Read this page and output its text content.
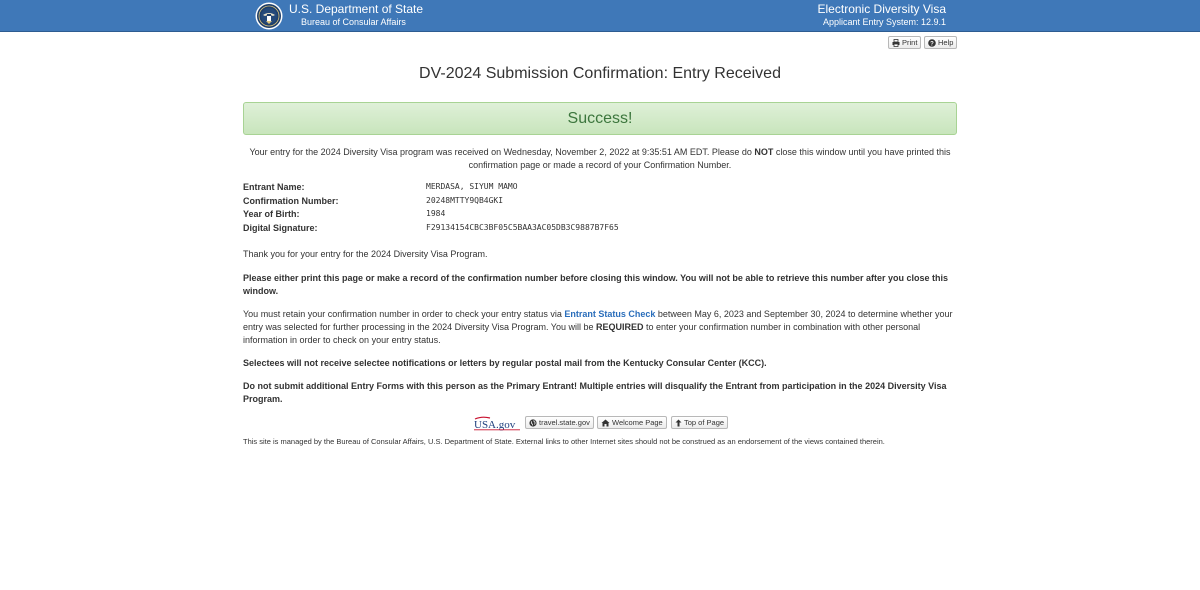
U.S. Department of State
Bureau of Consular Affairs
Electronic Diversity Visa
Applicant Entry System: 12.9.1
Print ? Help
DV-2024 Submission Confirmation: Entry Received
Success!
Your entry for the 2024 Diversity Visa program was received on Wednesday, November 2, 2022 at 9:35:51 AM EDT. Please do NOT close this window until you have printed this confirmation page or made a record of your Confirmation Number.
Entrant Name:	MERDASA, SIYUM MAMO
Confirmation Number:	20248MTTY9QB4GKI
Year of Birth:	1984
Digital Signature:	F29134154CBC3BF05C5BAA3AC05DB3C9887B7F65
Thank you for your entry for the 2024 Diversity Visa Program.
Please either print this page or make a record of the confirmation number before closing this window. You will not be able to retrieve this number after you close this window.
You must retain your confirmation number in order to check your entry status via Entrant Status Check between May 6, 2023 and September 30, 2024 to determine whether your entry was selected for further processing in the 2024 Diversity Visa Program. You will be REQUIRED to enter your confirmation number in combination with other personal information in order to check on your entry status.
Selectees will not receive selectee notifications or letters by regular postal mail from the Kentucky Consular Center (KCC).
Do not submit additional Entry Forms with this person as the Primary Entrant! Multiple entries will disqualify the Entrant from participation in the 2024 Diversity Visa Program.
USA.gov	travel.state.gov	Welcome Page	Top of Page
This site is managed by the Bureau of Consular Affairs, U.S. Department of State. External links to other Internet sites should not be construed as an endorsement of the views contained therein.
